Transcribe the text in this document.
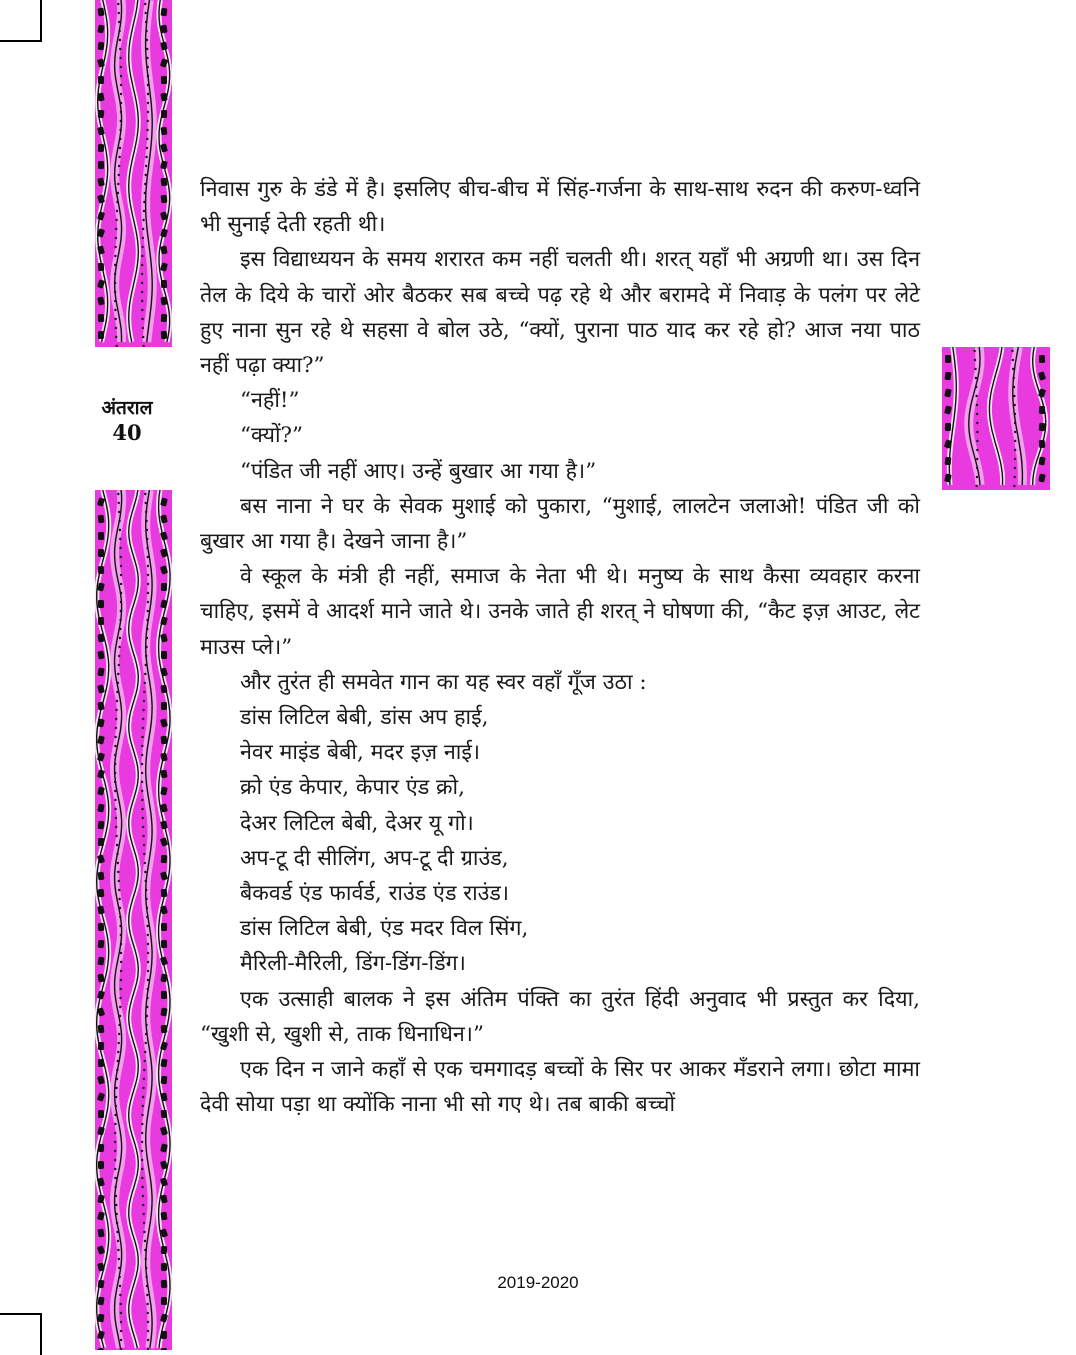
अंतराल
40

निवास गुरु के डंडे में है। इसलिए बीच-बीच में सिंह-गर्जना के साथ-साथ रुदन की करुण-ध्वनि भी सुनाई देती रहती थी।

इस विद्याध्ययन के समय शरारत कम नहीं चलती थी। शरत् यहाँ भी अग्रणी था। उस दिन तेल के दिये के चारों ओर बैठकर सब बच्चे पढ़ रहे थे और बरामदे में निवाड़ के पलंग पर लेटे हुए नाना सुन रहे थे सहसा वे बोल उठे, “क्यों, पुराना पाठ याद कर रहे हो? आज नया पाठ नहीं पढ़ा क्या?”

“नहीं!”

“क्यों?”

“पंडित जी नहीं आए। उन्हें बुखार आ गया है।”

बस नाना ने घर के सेवक मुशाई को पुकारा, “मुशाई, लालटेन जलाओ! पंडित जी को बुखार आ गया है। देखने जाना है।”

वे स्कूल के मंत्री ही नहीं, समाज के नेता भी थे। मनुष्य के साथ कैसा व्यवहार करना चाहिए, इसमें वे आदर्श माने जाते थे। उनके जाते ही शरत् ने घोषणा की, “कैट इज़ आउट, लेट माउस प्ले।”

और तुरंत ही समवेत गान का यह स्वर वहाँ गूँज उठा :

डांस लिटिल बेबी, डांस अप हाई,

नेवर माइंड बेबी, मदर इज़ नाई।

क्रो एंड केपार, केपार एंड क्रो,

देअर लिटिल बेबी, देअर यू गो।

अप-टू दी सीलिंग, अप-टू दी ग्राउंड,

बैकवर्ड एंड फार्वर्ड, राउंड एंड राउंड।

डांस लिटिल बेबी, एंड मदर विल सिंग,

मैरिली-मैरिली, डिंग-डिंग-डिंग।

एक उत्साही बालक ने इस अंतिम पंक्ति का तुरंत हिंदी अनुवाद भी प्रस्तुत कर दिया, “खुशी से, खुशी से, ताक धिनाधिन।”

एक दिन न जाने कहाँ से एक चमगादड़ बच्चों के सिर पर आकर मँडराने लगा। छोटा मामा देवी सोया पड़ा था क्योंकि नाना भी सो गए थे। तब बाकी बच्चों

2019-2020
